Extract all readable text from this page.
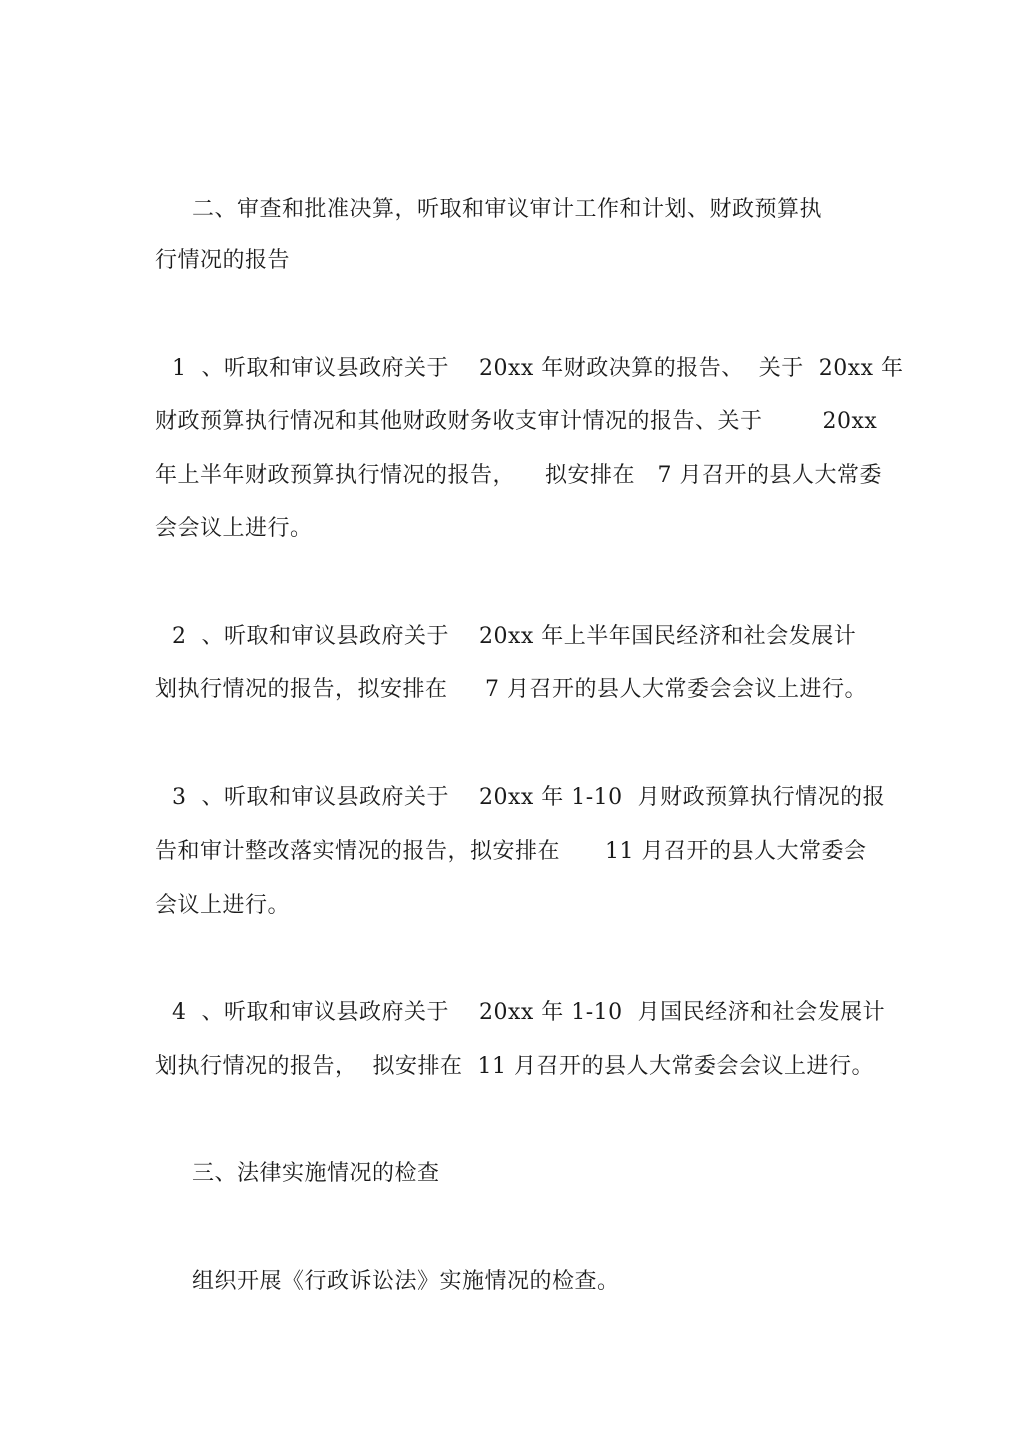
二、审查和批准决算，听取和审议审计工作和计划、财政预算执
行情况的报告
1  、听取和审议县政府关于    20xx 年财政决算的报告、  关于  20xx 年
财政预算执行情况和其他财政财务收支审计情况的报告、关于        20xx
年上半年财政预算执行情况的报告，    拟安排在   7 月召开的县人大常委
会会议上进行。
2  、听取和审议县政府关于    20xx 年上半年国民经济和社会发展计
划执行情况的报告，拟安排在     7 月召开的县人大常委会会议上进行。
3  、听取和审议县政府关于    20xx 年 1-10  月财政预算执行情况的报
告和审计整改落实情况的报告，拟安排在      11 月召开的县人大常委会
会议上进行。
4  、听取和审议县政府关于    20xx 年 1-10  月国民经济和社会发展计
划执行情况的报告，  拟安排在  11 月召开的县人大常委会会议上进行。
三、法律实施情况的检查
组织开展《行政诉讼法》实施情况的检查。
